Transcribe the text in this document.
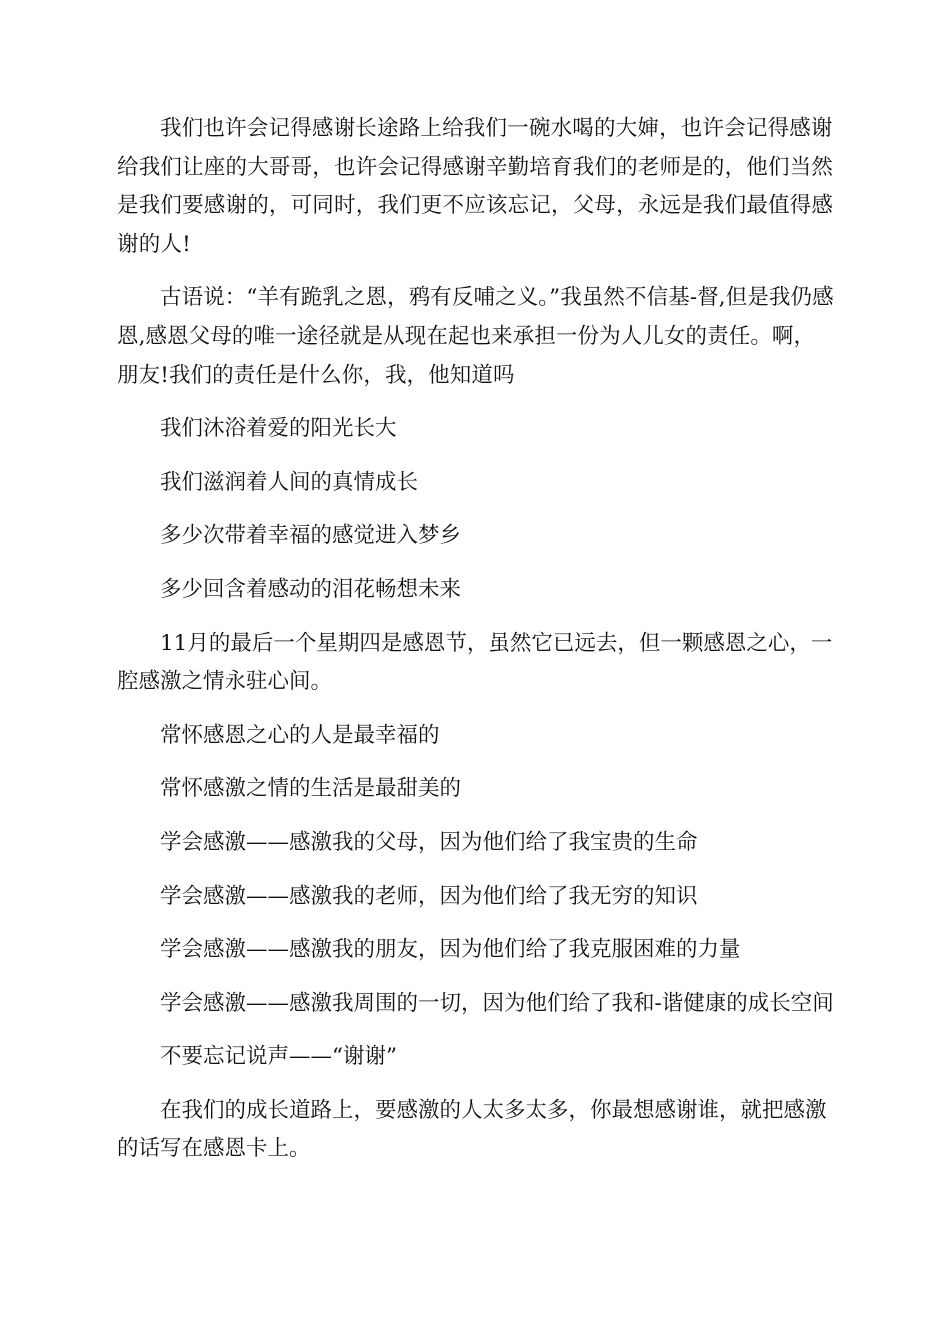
我们也许会记得感谢长途路上给我们一碗水喝的大婶，也许会记得感谢给我们让座的大哥哥，也许会记得感谢辛勤培育我们的老师是的，他们当然是我们要感谢的，可同时，我们更不应该忘记，父母，永远是我们最值得感谢的人!

古语说：“羊有跪乳之恩，鸦有反哺之义。”我虽然不信基-督,但是我仍感恩,感恩父母的唯一途径就是从现在起也来承担一份为人儿女的责任。啊，朋友!我们的责任是什么你，我，他知道吗

我们沐浴着爱的阳光长大

我们滋润着人间的真情成长

多少次带着幸福的感觉进入梦乡

多少回含着感动的泪花畅想未来

11月的最后一个星期四是感恩节，虽然它已远去，但一颗感恩之心，一腔感激之情永驻心间。

常怀感恩之心的人是最幸福的

常怀感激之情的生活是最甜美的

学会感激——感激我的父母，因为他们给了我宝贵的生命

学会感激——感激我的老师，因为他们给了我无穷的知识

学会感激——感激我的朋友，因为他们给了我克服困难的力量

学会感激——感激我周围的一切，因为他们给了我和-谐健康的成长空间

不要忘记说声——“谢谢”

在我们的成长道路上，要感激的人太多太多，你最想感谢谁，就把感激的话写在感恩卡上。
